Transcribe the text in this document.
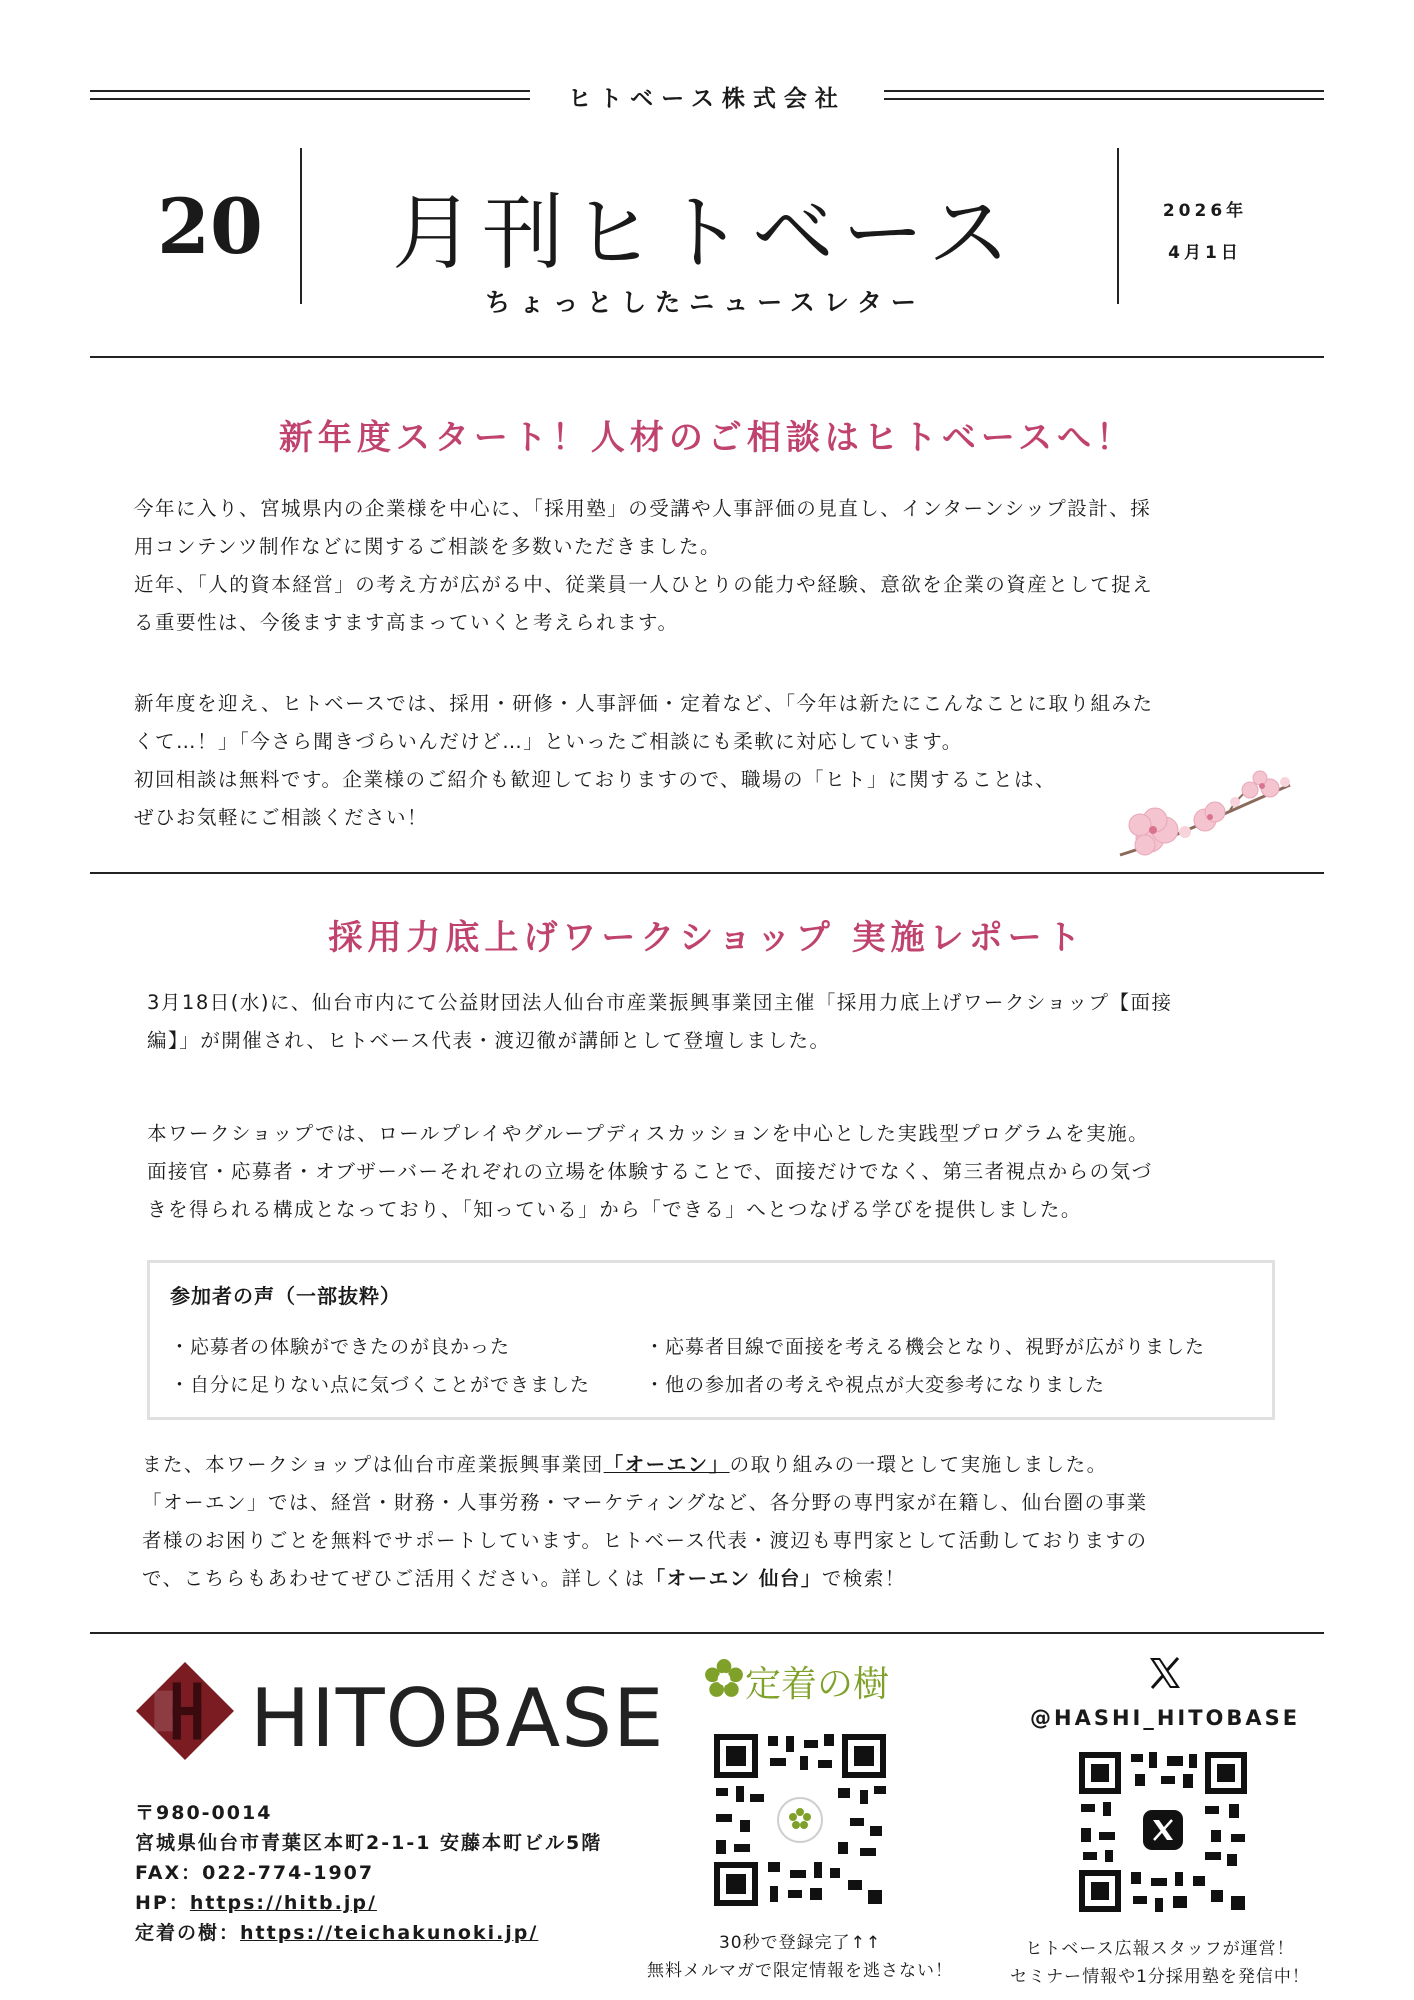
ヒトベース株式会社
20	月刊ヒトベース
ちょっとしたニュースレター
2026年
4月1日
新年度スタート！人材のご相談はヒトベースへ！

今年に入り、宮城県内の企業様を中心に、「採用塾」の受講や人事評価の見直し、インターンシップ設計、採

用コンテンツ制作などに関するご相談を多数いただきました。

近年、「人的資本経営」の考え方が広がる中、従業員一人ひとりの能力や経験、意欲を企業の資産として捉え

る重要性は、今後ますます高まっていくと考えられます。

新年度を迎え、ヒトベースでは、採用・研修・人事評価・定着など、「今年は新たにこんなことに取り組みた

くて…！」「今さら聞きづらいんだけど…」といったご相談にも柔軟に対応しています。

初回相談は無料です。企業様のご紹介も歓迎しておりますので、職場の「ヒト」に関することは、

ぜひお気軽にご相談ください！

採用力底上げワークショップ 実施レポート

3月18日(水)に、仙台市内にて公益財団法人仙台市産業振興事業団主催「採用力底上げワークショップ【面接

編】」が開催され、ヒトベース代表・渡辺徹が講師として登壇しました。

本ワークショップでは、ロールプレイやグループディスカッションを中心とした実践型プログラムを実施。

面接官・応募者・オブザーバーそれぞれの立場を体験することで、面接だけでなく、第三者視点からの気づ

きを得られる構成となっており、「知っている」から「できる」へとつなげる学びを提供しました。

参加者の声（一部抜粋）
・応募者の体験ができたのが良かった	・応募者目線で面接を考える機会となり、視野が広がりました
・自分に足りない点に気づくことができました	・他の参加者の考えや視点が大変参考になりました

また、本ワークショップは仙台市産業振興事業団「オーエン」の取り組みの一環として実施しました。

「オーエン」では、経営・財務・人事労務・マーケティングなど、各分野の専門家が在籍し、仙台圏の事業

者様のお困りごとを無料でサポートしています。ヒトベース代表・渡辺も専門家として活動しておりますの

で、こちらもあわせてぜひご活用ください。詳しくは「オーエン 仙台」で検索！

HITOBASE
〒980-0014
宮城県仙台市青葉区本町2-1-1 安藤本町ビル5階
FAX：022-774-1907
HP：https://hitb.jp/
定着の樹：https://teichakunoki.jp/
定着の樹
30秒で登録完了↑↑
無料メルマガで限定情報を逃さない！
@HASHI_HITOBASE
ヒトベース広報スタッフが運営！
セミナー情報や1分採用塾を発信中！
